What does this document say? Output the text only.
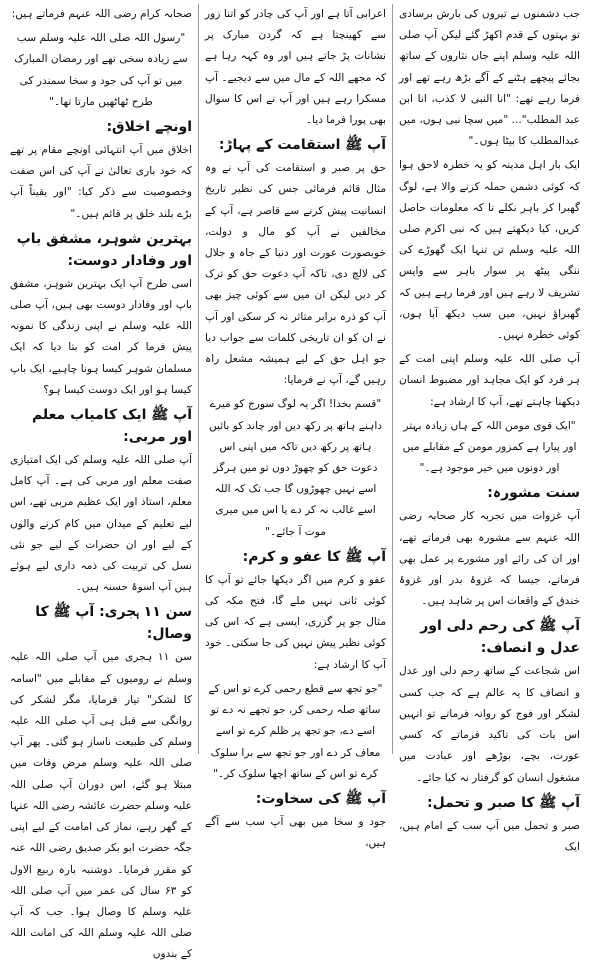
جب دشمنوں نے تیروں کی بارش برسادی تو بہتوں کے قدم اکھڑ گئے لیکن آپ صلی اللہ علیہ وسلم اپنے جاں نثاروں کے ساتھ بجائے پیچھے ہٹنے کے آگے بڑھ رہے تھے اور فرما رہے تھے: "انا النبی لا کذب، انا ابن عبد المطلب"... "میں سچا نبی ہوں، میں عبدالمطلب کا بیٹا ہوں۔"

ایک بار اہل مدینہ کو یہ خطرہ لاحق ہوا کہ کوئی دشمن حملہ کرنے والا ہے، لوگ گھبرا کر باہر نکلے تا کہ معلومات حاصل کریں، کیا دیکھتے ہیں کہ نبی اکرم صلی اللہ علیہ وسلم تن تنہا ایک گھوڑے کی ننگی پیٹھ پر سوار باہر سے واپس تشریف لا رہے ہیں اور فرما رہے ہیں کہ گھبراؤ نہیں، میں سب دیکھ آیا ہوں، کوئی خطرہ نہیں۔

آپ صلی اللہ علیہ وسلم اپنی امت کے ہر فرد کو ایک مجاہد اور مضبوط انسان دیکھنا چاہتے تھے، آپ کا ارشاد ہے:

"ایک قوی مومن اللہ کے ہاں زیادہ بہتر اور پیارا ہے کمزور مومن کے مقابلے میں اور دونوں میں خیر موجود ہے۔"

سنت مشورہ:

آپ غزوات میں تجربہ کار صحابہ رضی اللہ عنہم سے مشورہ بھی فرماتے تھے، اور ان کی رائے اور مشورے پر عمل بھی فرماتے، جیسا کہ غزوۂ بدر اور غزوۂ خندق کے واقعات اس پر شاہد ہیں۔

آپ ﷺ کی رحم دلی اور عدل و انصاف:

اس شجاعت کے ساتھ رحم دلی اور عدل و انصاف کا یہ عالم ہے کہ جب کسی لشکر اور فوج کو روانہ فرماتے تو انہیں اس بات کی تاکید فرماتے کہ کسی عورت، بچے، بوڑھے اور عبادت میں مشغول انسان کو گرفتار نہ کیا جائے۔

آپ ﷺ کا صبر و تحمل:

صبر و تحمل میں آپ سب کے امام ہیں، ایک

اعرابی آتا ہے اور آپ کی چادر کو اتنا زور سے کھینچتا ہے کہ گردن مبارک پر نشانات پڑ جاتے ہیں اور وہ کہہ رہا ہے کہ مجھے اللہ کے مال میں سے دیجیے۔ آپ مسکرا رہے ہیں اور آپ نے اس کا سوال بھی پورا فرما دیا۔

آپ ﷺ استقامت کے پہاڑ:

حق پر صبر و استقامت کی آپ نے وہ مثال قائم فرمائی جس کی نظیر تاریخ انسانیت پیش کرنے سے قاصر ہے، آپ کے مخالفین نے آپ کو مال و دولت، خوبصورت عورت اور دنیا کے جاہ و جلال کی لالچ دی، تاکہ آپ دعوت حق کو ترک کر دیں لیکن ان میں سے کوئی چیز بھی آپ کو ذرہ برابر متاثر نہ کر سکی اور آپ نے ان کو ان تاریخی کلمات سے جواب دیا جو اہل حق کے لیے ہمیشہ مشعل راہ رہیں گے، آپ نے فرمایا:

"قسم بخدا! اگر یہ لوگ سورج کو میرے داہنے ہاتھ پر رکھ دیں اور چاند کو بائیں ہاتھ پر رکھ دیں تاکہ میں اپنی اس دعوت حق کو چھوڑ دوں تو میں ہرگز اسے نہیں چھوڑوں گا جب تک کہ اللہ اسے غالب نہ کر دے یا اس میں میری موت آ جائے۔"

آپ ﷺ کا عفو و کرم:

عفو و کرم میں اگر دیکھا جائے تو آپ کا کوئی ثانی نہیں ملے گا، فتح مکہ کی مثال جو پر گزری، ایسی ہے کہ اس کی کوئی نظیر پیش نہیں کی جا سکتی۔ خود آپ کا ارشاد ہے:

"جو تجھ سے قطع رحمی کرے تو اس کے ساتھ صلہ رحمی کر، جو تجھے نہ دے تو اسے دے، جو تجھ پر ظلم کرے تو اسے معاف کر دے اور جو تجھ سے برا سلوک کرے تو اس کے ساتھ اچھا سلوک کر۔"

آپ ﷺ کی سخاوت:

جود و سخا میں بھی آپ سب سے آگے ہیں،

صحابہ کرام رضی اللہ عنہم فرماتے ہیں:

"رسول اللہ صلی اللہ علیہ وسلم سب سے زیادہ سخی تھے اور رمضان المبارک میں تو آپ کی جود و سخا سمندر کی طرح ٹھاٹھیں مارتا تھا۔"

اونچے اخلاق:

اخلاق میں آپ انتہائی اونچے مقام پر تھے کہ خود باری تعالیٰ نے آپ کی اس صفت وخصوصیت سے ذکر کیا: "اور یقیناً آپ بڑے بلند خلق پر قائم ہیں۔"

بہترین شوہر، مشفق باپ اور وفادار دوست:

اسی طرح آپ ایک بہترین شوہر، مشفق باپ اور وفادار دوست بھی ہیں، آپ صلی اللہ علیہ وسلم نے اپنی زندگی کا نمونہ پیش فرما کر امت کو بتا دیا کہ ایک مسلمان شوہر کیسا ہونا چاہیے، ایک باپ کیسا ہو اور ایک دوست کیسا ہو؟

آپ ﷺ ایک کامیاب معلم اور مربی:

آپ صلی اللہ علیہ وسلم کی ایک امتیازی صفت معلم اور مربی کی ہے۔ آپ کامل معلم، استاذ اور ایک عظیم مربی تھے، اس لیے تعلیم کے میدان میں کام کرنے والوں کے لیے اور ان حضرات کے لیے جو نئی نسل کی تربیت کی ذمہ داری لیے ہوئے ہیں آپ اسوۂ حسنہ ہیں۔

سن ۱۱ ہجری: آپ ﷺ کا وصال:

سن ۱۱ ہجری میں آپ صلی اللہ علیہ وسلم نے رومیوں کے مقابلے میں "اسامہ کا لشکر" تیار فرمایا، مگر لشکر کی روانگی سے قبل ہی آپ صلی اللہ علیہ وسلم کی طبیعت ناساز ہو گئی۔ پھر آپ صلی اللہ علیہ وسلم مرض وفات میں مبتلا ہو گئے، اس دوران آپ صلی اللہ علیہ وسلم حضرت عائشہ رضی اللہ عنہا کے گھر رہے، نماز کی امامت کے لیے اپنی جگہ حضرت ابو بکر صدیق رضی اللہ عنہ کو مقرر فرمایا۔ دوشنبہ بارہ ربیع الاول کو ۶۳ سال کی عمر میں آپ صلی اللہ علیہ وسلم کا وصال ہوا۔ جب کہ آپ صلی اللہ علیہ وسلم اللہ کی امانت اللہ کے بندوں
